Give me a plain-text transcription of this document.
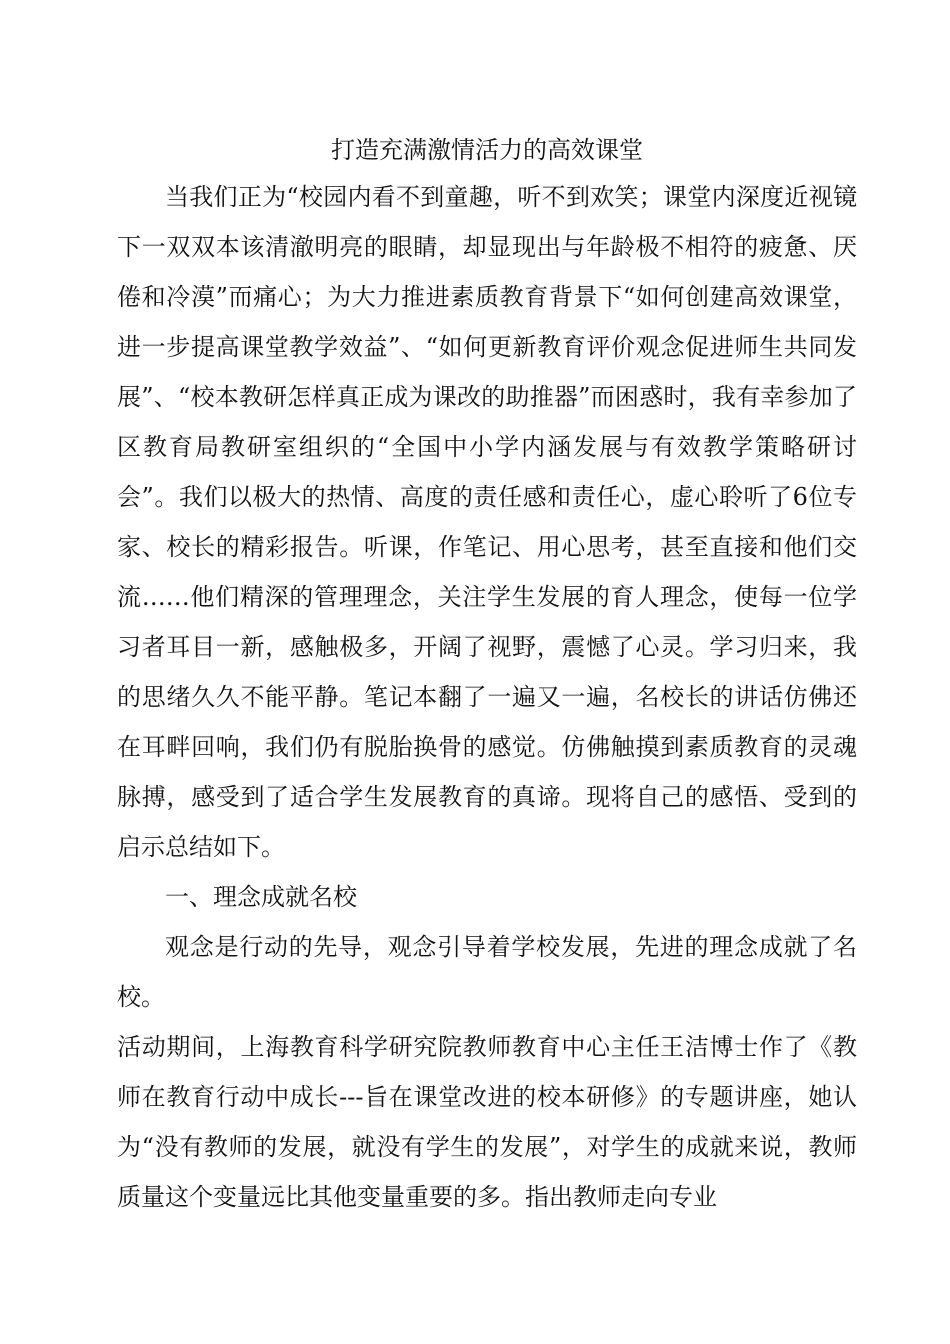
打造充满激情活力的高效课堂

当我们正为“校园内看不到童趣，听不到欢笑；课堂内深度近视镜下一双双本该清澈明亮的眼睛，却显现出与年龄极不相符的疲惫、厌倦和冷漠”而痛心；为大力推进素质教育背景下“如何创建高效课堂，进一步提高课堂教学效益”、“如何更新教育评价观念促进师生共同发展”、“校本教研怎样真正成为课改的助推器”而困惑时，我有幸参加了区教育局教研室组织的“全国中小学内涵发展与有效教学策略研讨会”。我们以极大的热情、高度的责任感和责任心，虚心聆听了6位专家、校长的精彩报告。听课，作笔记、用心思考，甚至直接和他们交流……他们精深的管理理念，关注学生发展的育人理念，使每一位学习者耳目一新，感触极多，开阔了视野，震憾了心灵。学习归来，我的思绪久久不能平静。笔记本翻了一遍又一遍，名校长的讲话仿佛还在耳畔回响，我们仍有脱胎换骨的感觉。仿佛触摸到素质教育的灵魂脉搏，感受到了适合学生发展教育的真谛。现将自己的感悟、受到的启示总结如下。

一、理念成就名校

观念是行动的先导，观念引导着学校发展，先进的理念成就了名校。

活动期间，上海教育科学研究院教师教育中心主任王洁博士作了《教师在教育行动中成长---旨在课堂改进的校本研修》的专题讲座，她认为“没有教师的发展，就没有学生的发展”，对学生的成就来说，教师质量这个变量远比其他变量重要的多。指出教师走向专业
